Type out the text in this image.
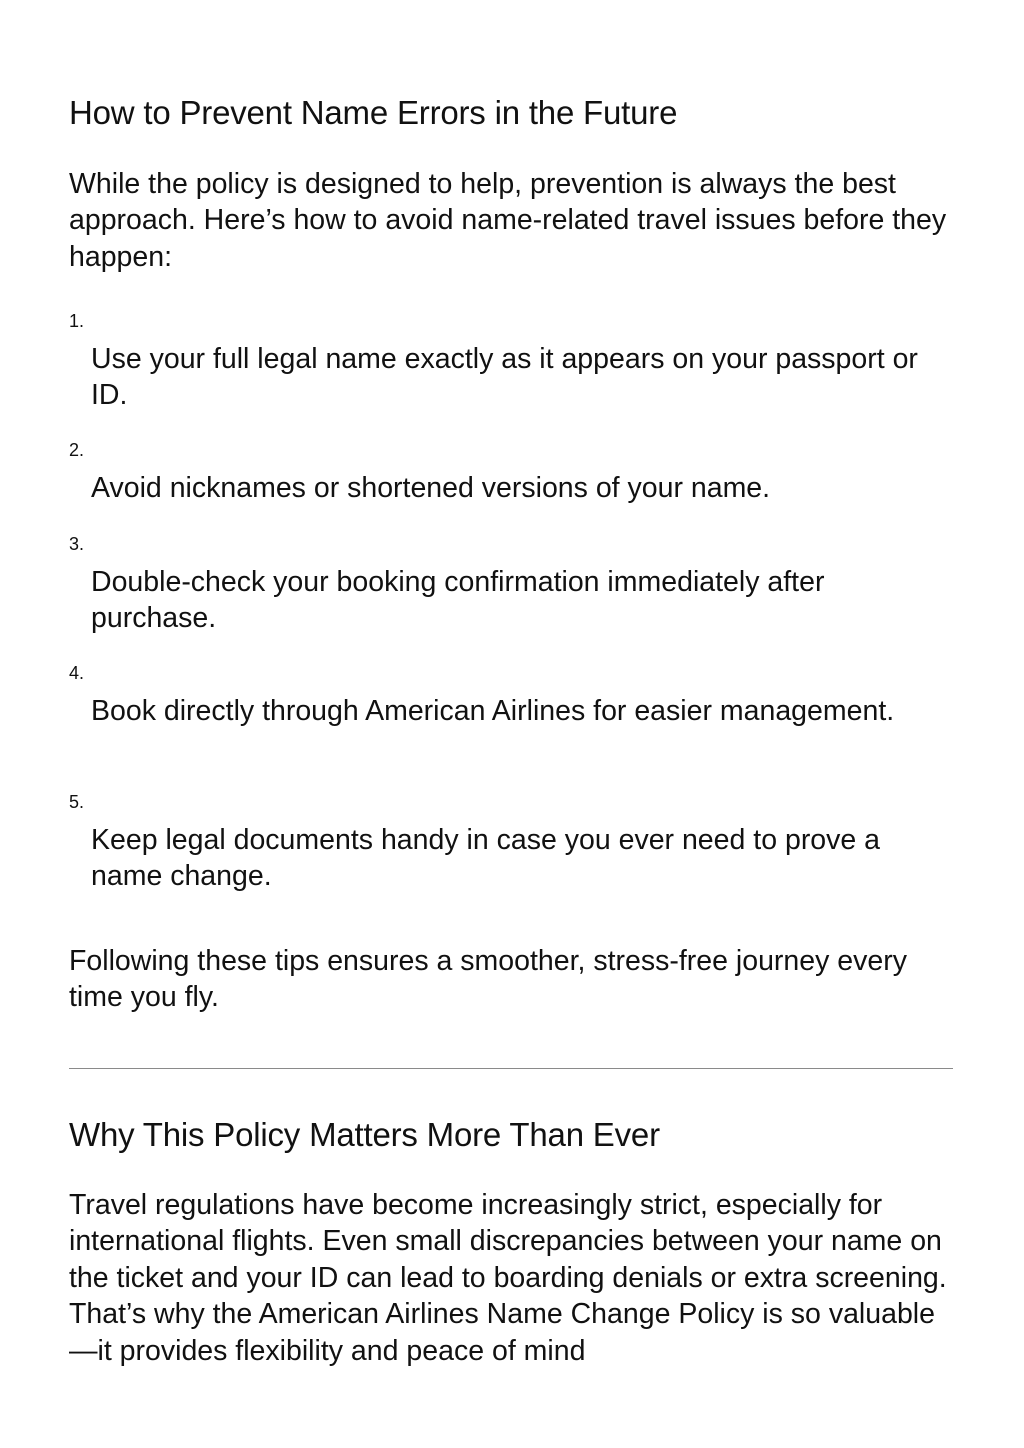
How to Prevent Name Errors in the Future

While the policy is designed to help, prevention is always the best approach. Here’s how to avoid name-related travel issues before they happen:

1.
Use your full legal name exactly as it appears on your passport or ID.
2.
Avoid nicknames or shortened versions of your name.
3.
Double-check your booking confirmation immediately after purchase.
4.
Book directly through American Airlines for easier management.
5.
Keep legal documents handy in case you ever need to prove a name change.

Following these tips ensures a smoother, stress-free journey every time you fly.

Why This Policy Matters More Than Ever

Travel regulations have become increasingly strict, especially for international flights. Even small discrepancies between your name on the ticket and your ID can lead to boarding denials or extra screening. That’s why the American Airlines Name Change Policy is so valuable—it provides flexibility and peace of mind
